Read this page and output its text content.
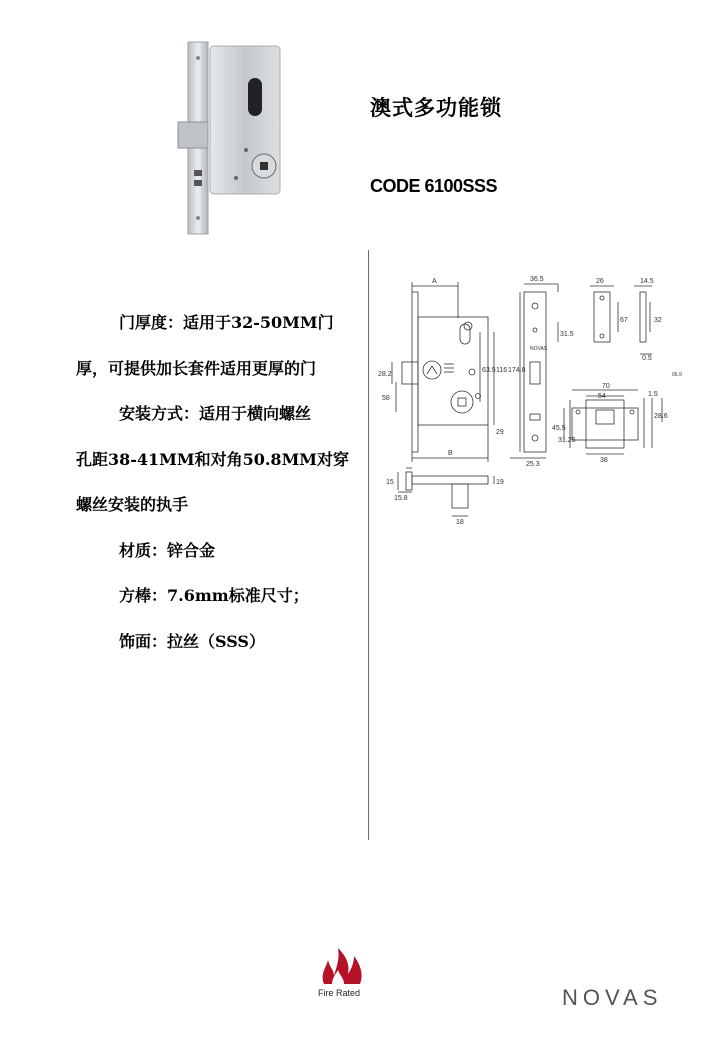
澳式多功能锁
CODE 6100SSS
门厚度：适用于32-50MM门
厚，可提供加长套件适用更厚的门
安装方式：适用于横向螺丝
孔距38-41MM和对角50.8MM对穿
螺丝安装的执手
材质：锌合金
方棒：7.6mm标准尺寸；
饰面：拉丝（SSS）
A
B
36.5	26	14.5
31.5
67	32
0.5
174.8
28.2
63.5 116
58
29
25.3
70
54	1.5
45.5
31.25
28.6
38
15	19
15.8
18
NOVAS
06.9
Fire Rated	NOVAS
